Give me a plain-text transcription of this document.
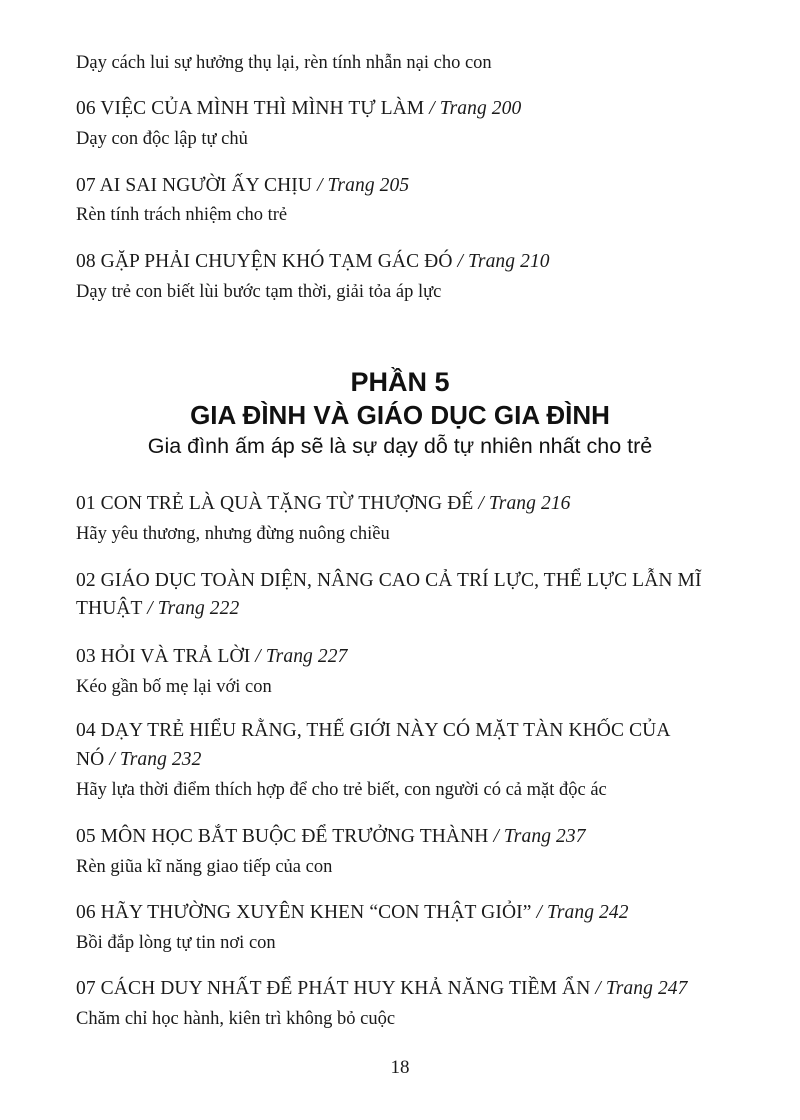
Dạy cách lui sự hưởng thụ lại, rèn tính nhẫn nại cho con
06 VIỆC CỦA MÌNH THÌ MÌNH TỰ LÀM / Trang 200
Dạy con độc lập tự chủ
07 AI SAI NGƯỜI ẤY CHỊU / Trang 205
Rèn tính trách nhiệm cho trẻ
08 GẶP PHẢI CHUYỆN KHÓ TẠM GÁC ĐÓ / Trang 210
Dạy trẻ con biết lùi bước tạm thời, giải tỏa áp lực
PHẦN 5
GIA ĐÌNH VÀ GIÁO DỤC GIA ĐÌNH
Gia đình ấm áp sẽ là sự dạy dỗ tự nhiên nhất cho trẻ
01 CON TRẺ LÀ QUÀ TẶNG TỪ THƯỢNG ĐẾ / Trang 216
Hãy yêu thương, nhưng đừng nuông chiều
02 GIÁO DỤC TOÀN DIỆN, NÂNG CAO CẢ TRÍ LỰC, THỂ LỰC LẪN MĨ
THUẬT / Trang 222
03 HỎI VÀ TRẢ LỜI / Trang 227
Kéo gần bố mẹ lại với con
04 DẠY TRẺ HIỂU RẰNG, THẾ GIỚI NÀY CÓ MẶT TÀN KHỐC CỦA
NÓ / Trang 232
Hãy lựa thời điểm thích hợp để cho trẻ biết, con người có cả mặt độc ác
05 MÔN HỌC BẮT BUỘC ĐỂ TRƯỞNG THÀNH / Trang 237
Rèn giũa kĩ năng giao tiếp của con
06 HÃY THƯỜNG XUYÊN KHEN “CON THẬT GIỎI” / Trang 242
Bồi đắp lòng tự tin nơi con
07 CÁCH DUY NHẤT ĐỂ PHÁT HUY KHẢ NĂNG TIỀM ẨN / Trang 247
Chăm chỉ học hành, kiên trì không bỏ cuộc
18
